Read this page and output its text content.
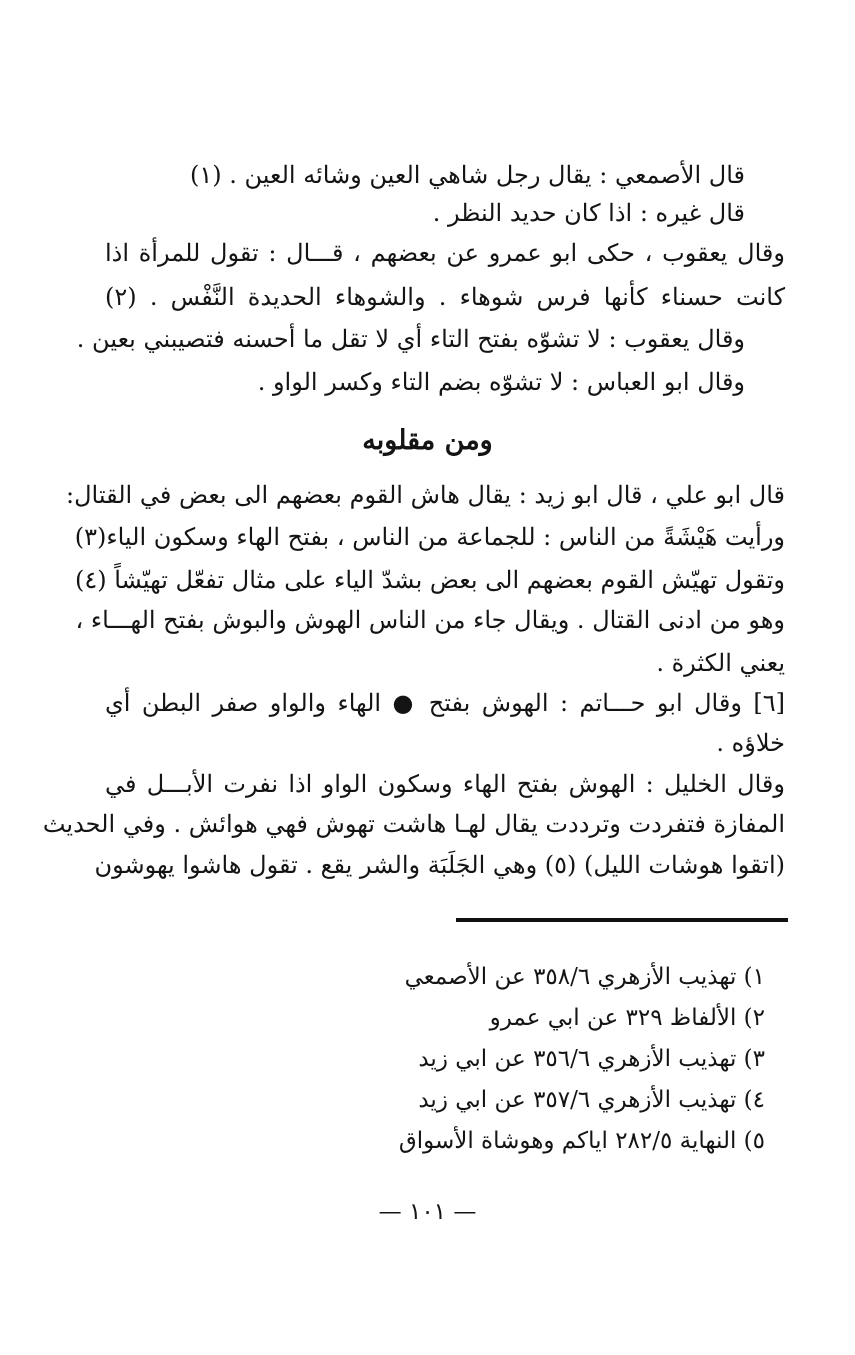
قال الأصمعي : يقال رجل شاهي العين وشائه العين . (١)

قال غيره : اذا كان حديد النظر .

وقال يعقوب ، حكى ابو عمرو عن بعضهم ، قـــال : تقول للمرأة اذا

كانت حسناء كأنها فرس شوهاء . والشوهاء الحديدة النَّفْس . (٢)

وقال يعقوب : لا تشوّه بفتح التاء أي لا تقل ما أحسنه فتصيبني بعين .

وقال ابو العباس : لا تشوّه بضم التاء وكسر الواو .

ومن مقلوبه

قال ابو علي ، قال ابو زيد : يقال هاش القوم بعضهم الى بعض في القتال:

ورأيت هَيْشَةً من الناس : للجماعة من الناس ، بفتح الهاء وسكون الياء(٣)

وتقول تهيّش القوم بعضهم الى بعض بشدّ الياء على مثال تفعّل تهيّشاً (٤)

وهو من ادنى القتال . ويقال جاء من الناس الهوش والبوش بفتح الهـــاء ،

يعني الكثرة .

[٦] وقال ابو حـــاتم : الهوش بفتح ● الهاء والواو صفر البطن أي

خلاؤه .

وقال الخليل : الهوش بفتح الهاء وسكون الواو اذا نفرت الأبـــل في

المفازة فتفردت وترددت يقال لهـا هاشت تهوش فهي هوائش . وفي الحديث

(اتقوا هوشات الليل) (٥) وهي الجَلَبَة والشر يقع . تقول هاشوا يهوشون

١) تهذيب الأزهري ٣٥٨/٦ عن الأصمعي
٢) الألفاظ ٣٢٩ عن ابي عمرو
٣) تهذيب الأزهري ٣٥٦/٦ عن ابي زيد
٤) تهذيب الأزهري ٣٥٧/٦ عن ابي زيد
٥) النهاية ٢٨٢/٥ اياكم وهوشاة الأسواق
— ١٠١ —
